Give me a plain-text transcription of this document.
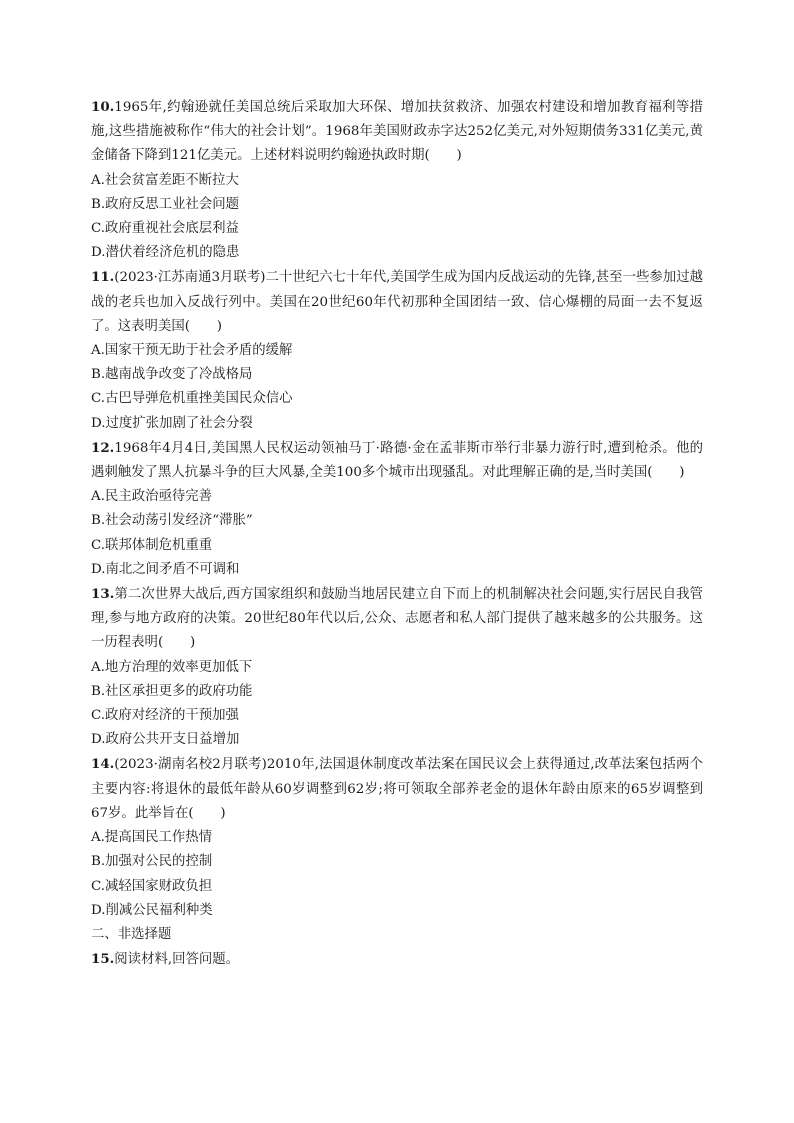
10.1965年,约翰逊就任美国总统后采取加大环保、增加扶贫救济、加强农村建设和增加教育福利等措施,这些措施被称作“伟大的社会计划”。1968年美国财政赤字达252亿美元,对外短期债务331亿美元,黄金储备下降到121亿美元。上述材料说明约翰逊执政时期(　　)

A.社会贫富差距不断拉大

B.政府反思工业社会问题

C.政府重视社会底层利益

D.潜伏着经济危机的隐患

11.(2023·江苏南通3月联考)二十世纪六七十年代,美国学生成为国内反战运动的先锋,甚至一些参加过越战的老兵也加入反战行列中。美国在20世纪60年代初那种全国团结一致、信心爆棚的局面一去不复返了。这表明美国(　　)

A.国家干预无助于社会矛盾的缓解

B.越南战争改变了冷战格局

C.古巴导弹危机重挫美国民众信心

D.过度扩张加剧了社会分裂

12.1968年4月4日,美国黑人民权运动领袖马丁·路德·金在孟菲斯市举行非暴力游行时,遭到枪杀。他的遇刺触发了黑人抗暴斗争的巨大风暴,全美100多个城市出现骚乱。对此理解正确的是,当时美国(　　)

A.民主政治亟待完善

B.社会动荡引发经济“滞胀”

C.联邦体制危机重重

D.南北之间矛盾不可调和

13.第二次世界大战后,西方国家组织和鼓励当地居民建立自下而上的机制解决社会问题,实行居民自我管理,参与地方政府的决策。20世纪80年代以后,公众、志愿者和私人部门提供了越来越多的公共服务。这一历程表明(　　)

A.地方治理的效率更加低下

B.社区承担更多的政府功能

C.政府对经济的干预加强

D.政府公共开支日益增加

14.(2023·湖南名校2月联考)2010年,法国退休制度改革法案在国民议会上获得通过,改革法案包括两个主要内容:将退休的最低年龄从60岁调整到62岁;将可领取全部养老金的退休年龄由原来的65岁调整到67岁。此举旨在(　　)

A.提高国民工作热情

B.加强对公民的控制

C.减轻国家财政负担

D.削减公民福利种类

二、非选择题

15.阅读材料,回答问题。
